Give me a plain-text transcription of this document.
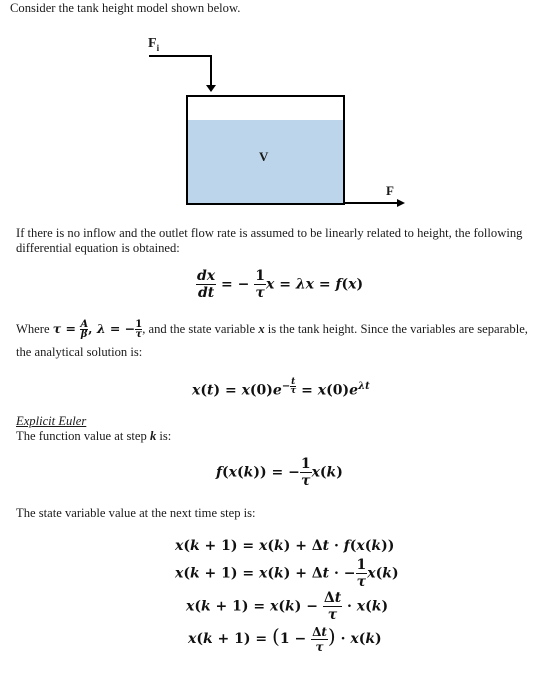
Consider the tank height model shown below.
$F_i$
V
F
If there is no inflow and the outlet flow rate is assumed to be linearly related to height, the following
differential equation is obtained:
$\frac{dx}{dt}$ = − $\frac{1}{\tau}$ x = λx = f(x)
Where $\tau = \frac{A}{\beta}$ , λ = − $\frac{1}{\tau}$ , and the state variable x is the tank height. Since the variables are separable,
the analytical solution is:
$x(t) = x(0)e^{- \frac{t}{\tau}} = x(0)e^{\lambda t}$
Explicit Euler
The function value at step k is:
f(x(k)) = − $\frac{1}{\tau} x(k)$
The state variable value at the next time step is:
x(k + 1) = x(k) + Δt · f(x(k))
x(k + 1) = x(k) + Δt · − $\frac{1}{\tau} x(k)$
$x(k + 1) = x(k) - \frac{\Delta t}{\tau} \cdot x(k)$
$x(k + 1) = (1 - \frac{\Delta t}{\tau}$ ) · x(k)
